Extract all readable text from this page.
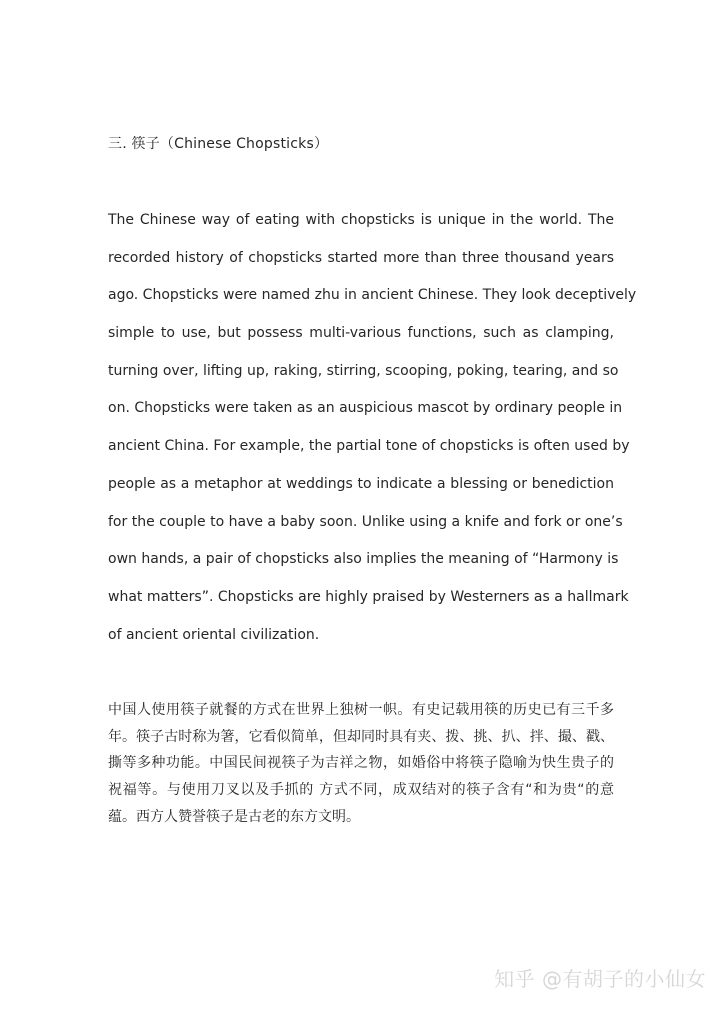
三. 筷子（Chinese Chopsticks）
The Chinese way of eating with chopsticks is unique in the world. The
recorded history of chopsticks started more than three thousand years
ago. Chopsticks were named zhu in ancient Chinese. They look deceptively
simple to use, but possess multi-various functions, such as clamping,
turning over, lifting up, raking, stirring, scooping, poking, tearing, and so
on. Chopsticks were taken as an auspicious mascot by ordinary people in
ancient China. For example, the partial tone of chopsticks is often used by
people as a metaphor at weddings to indicate a blessing or benediction
for the couple to have a baby soon. Unlike using a knife and fork or one’s
own hands, a pair of chopsticks also implies the meaning of “Harmony is
what matters”. Chopsticks are highly praised by Westerners as a hallmark
of ancient oriental civilization.
中国人使用筷子就餐的方式在世界上独树一帜。有史记载用筷的历史已有三千多
年。筷子古时称为箸，它看似简单，但却同时具有夹、拨、挑、扒、拌、撮、戳、
撕等多种功能。中国民间视筷子为吉祥之物，如婚俗中将筷子隐喻为快生贵子的
祝福等。与使用刀叉以及手抓的 方式不同，成双结对的筷子含有“和为贵“的意
蕴。西方人赞誉筷子是古老的东方文明。
知乎 @有胡子的小仙女
